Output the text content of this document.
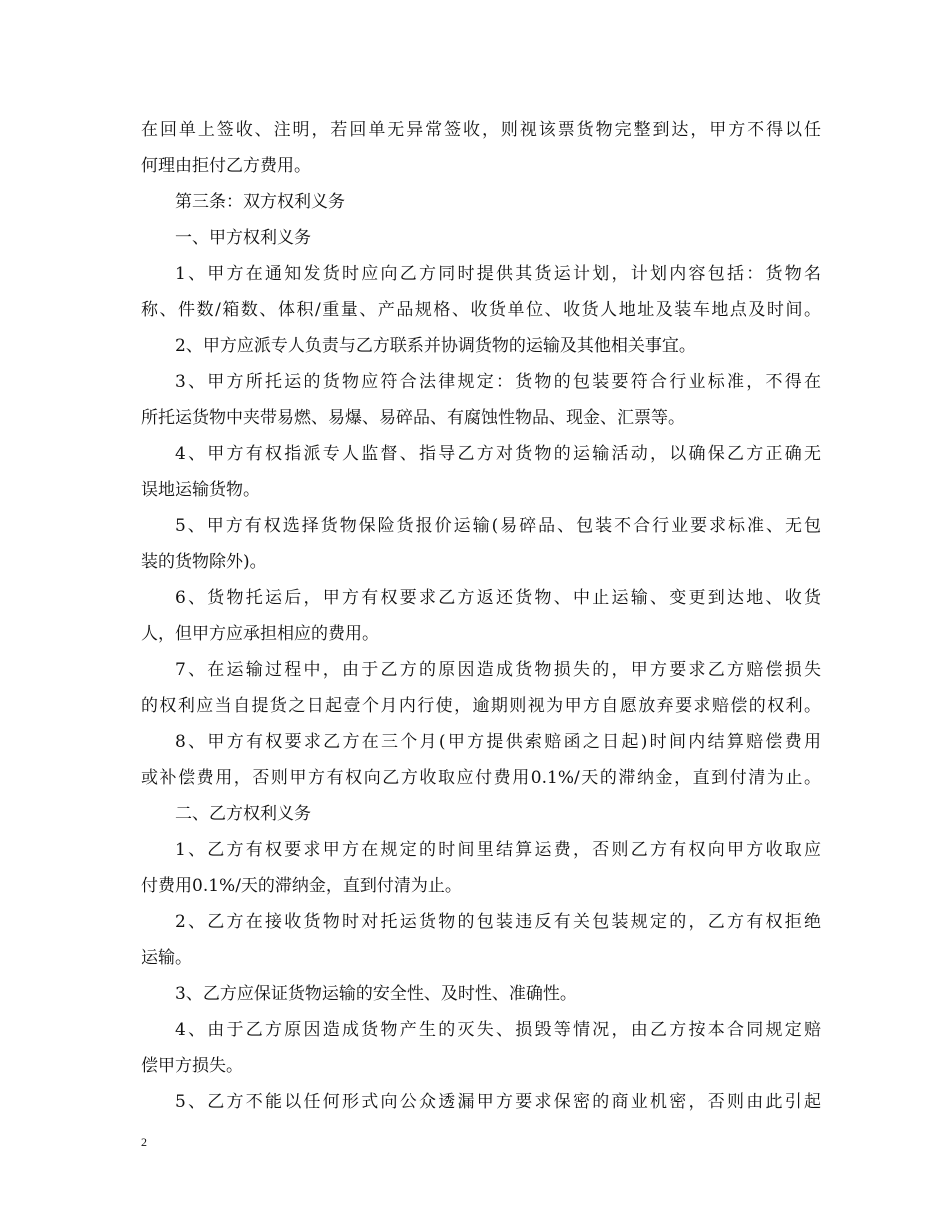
在回单上签收、注明，若回单无异常签收，则视该票货物完整到达，甲方不得以任
何理由拒付乙方费用。
第三条：双方权利义务
一、甲方权利义务
1、甲方在通知发货时应向乙方同时提供其货运计划，计划内容包括：货物名
称、件数/箱数、体积/重量、产品规格、收货单位、收货人地址及装车地点及时间。
2、甲方应派专人负责与乙方联系并协调货物的运输及其他相关事宜。
3、甲方所托运的货物应符合法律规定：货物的包装要符合行业标准，不得在
所托运货物中夹带易燃、易爆、易碎品、有腐蚀性物品、现金、汇票等。
4、甲方有权指派专人监督、指导乙方对货物的运输活动，以确保乙方正确无
误地运输货物。
5、甲方有权选择货物保险货报价运输(易碎品、包装不合行业要求标准、无包
装的货物除外)。
6、货物托运后，甲方有权要求乙方返还货物、中止运输、变更到达地、收货
人，但甲方应承担相应的费用。
7、在运输过程中，由于乙方的原因造成货物损失的，甲方要求乙方赔偿损失
的权利应当自提货之日起壹个月内行使，逾期则视为甲方自愿放弃要求赔偿的权利。
8、甲方有权要求乙方在三个月(甲方提供索赔函之日起)时间内结算赔偿费用
或补偿费用，否则甲方有权向乙方收取应付费用0.1%/天的滞纳金，直到付清为止。
二、乙方权利义务
1、乙方有权要求甲方在规定的时间里结算运费，否则乙方有权向甲方收取应
付费用0.1%/天的滞纳金，直到付清为止。
2、乙方在接收货物时对托运货物的包装违反有关包装规定的，乙方有权拒绝
运输。
3、乙方应保证货物运输的安全性、及时性、准确性。
4、由于乙方原因造成货物产生的灭失、损毁等情况，由乙方按本合同规定赔
偿甲方损失。
5、乙方不能以任何形式向公众透漏甲方要求保密的商业机密，否则由此引起
2
